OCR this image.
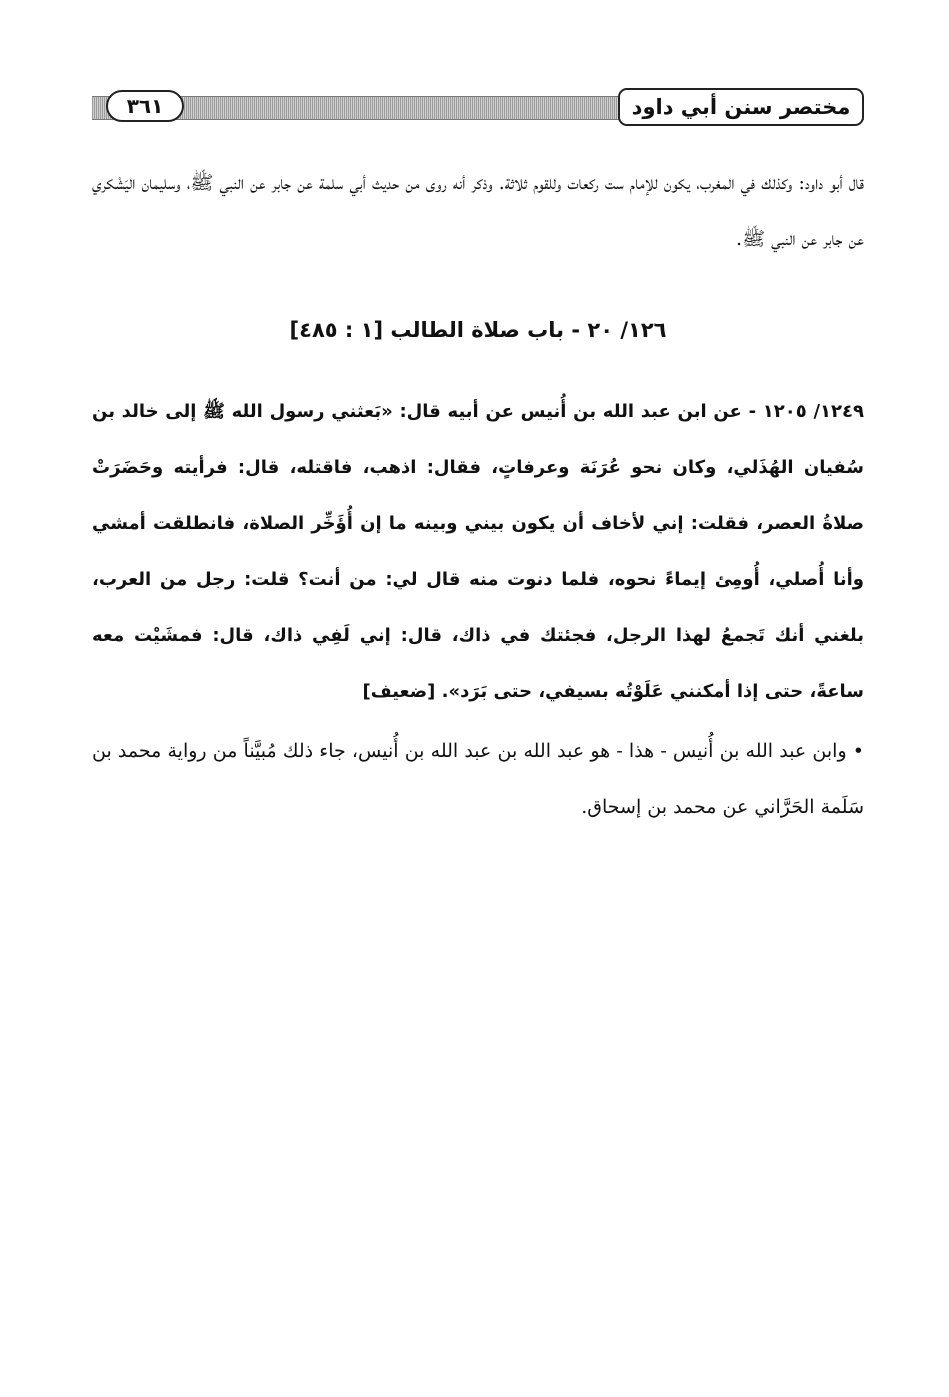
٣٦١	مختصر سنن أبي داود

قال أبو داود: وكذلك في المغرب، يكون للإمام ست ركعات وللقوم ثلاثة. وذكر أنه روى من حديث أبي سلمة عن جابر عن النبي ﷺ، وسليمان اليَشْكري عن جابر عن النبي ﷺ.

١٢٦/ ٢٠ - باب صلاة الطالب [١ : ٤٨٥]

١٢٤٩/ ١٢٠٥ - عن ابن عبد الله بن أُنيس عن أبيه قال: «بَعثني رسول الله ﷺ إلى خالد بن سُفيان الهُذَلي، وكان نحو عُرَنَة وعرفاتٍ، فقال: اذهب، فاقتله، قال: فرأيته وحَضَرَتْ صلاةُ العصر، فقلت: إني لأخاف أن يكون بيني وبينه ما إن أُؤَخِّر الصلاة، فانطلقت أمشي وأنا أُصلي، أُومِئ إيماءً نحوه، فلما دنوت منه قال لي: من أنت؟ قلت: رجل من العرب، بلغني أنك تَجمعُ لهذا الرجل، فجئتك في ذاك، قال: إني لَفِي ذاك، قال: فمشَيْت معه ساعةً، حتى إذا أمكنني عَلَوْتُه بسيفي، حتى بَرَد». [ضعيف]

• وابن عبد الله بن أُنيس - هذا - هو عبد الله بن عبد الله بن أُنيس، جاء ذلك مُبيَّناً من رواية محمد بن سَلَمة الحَرَّاني عن محمد بن إسحاق.
